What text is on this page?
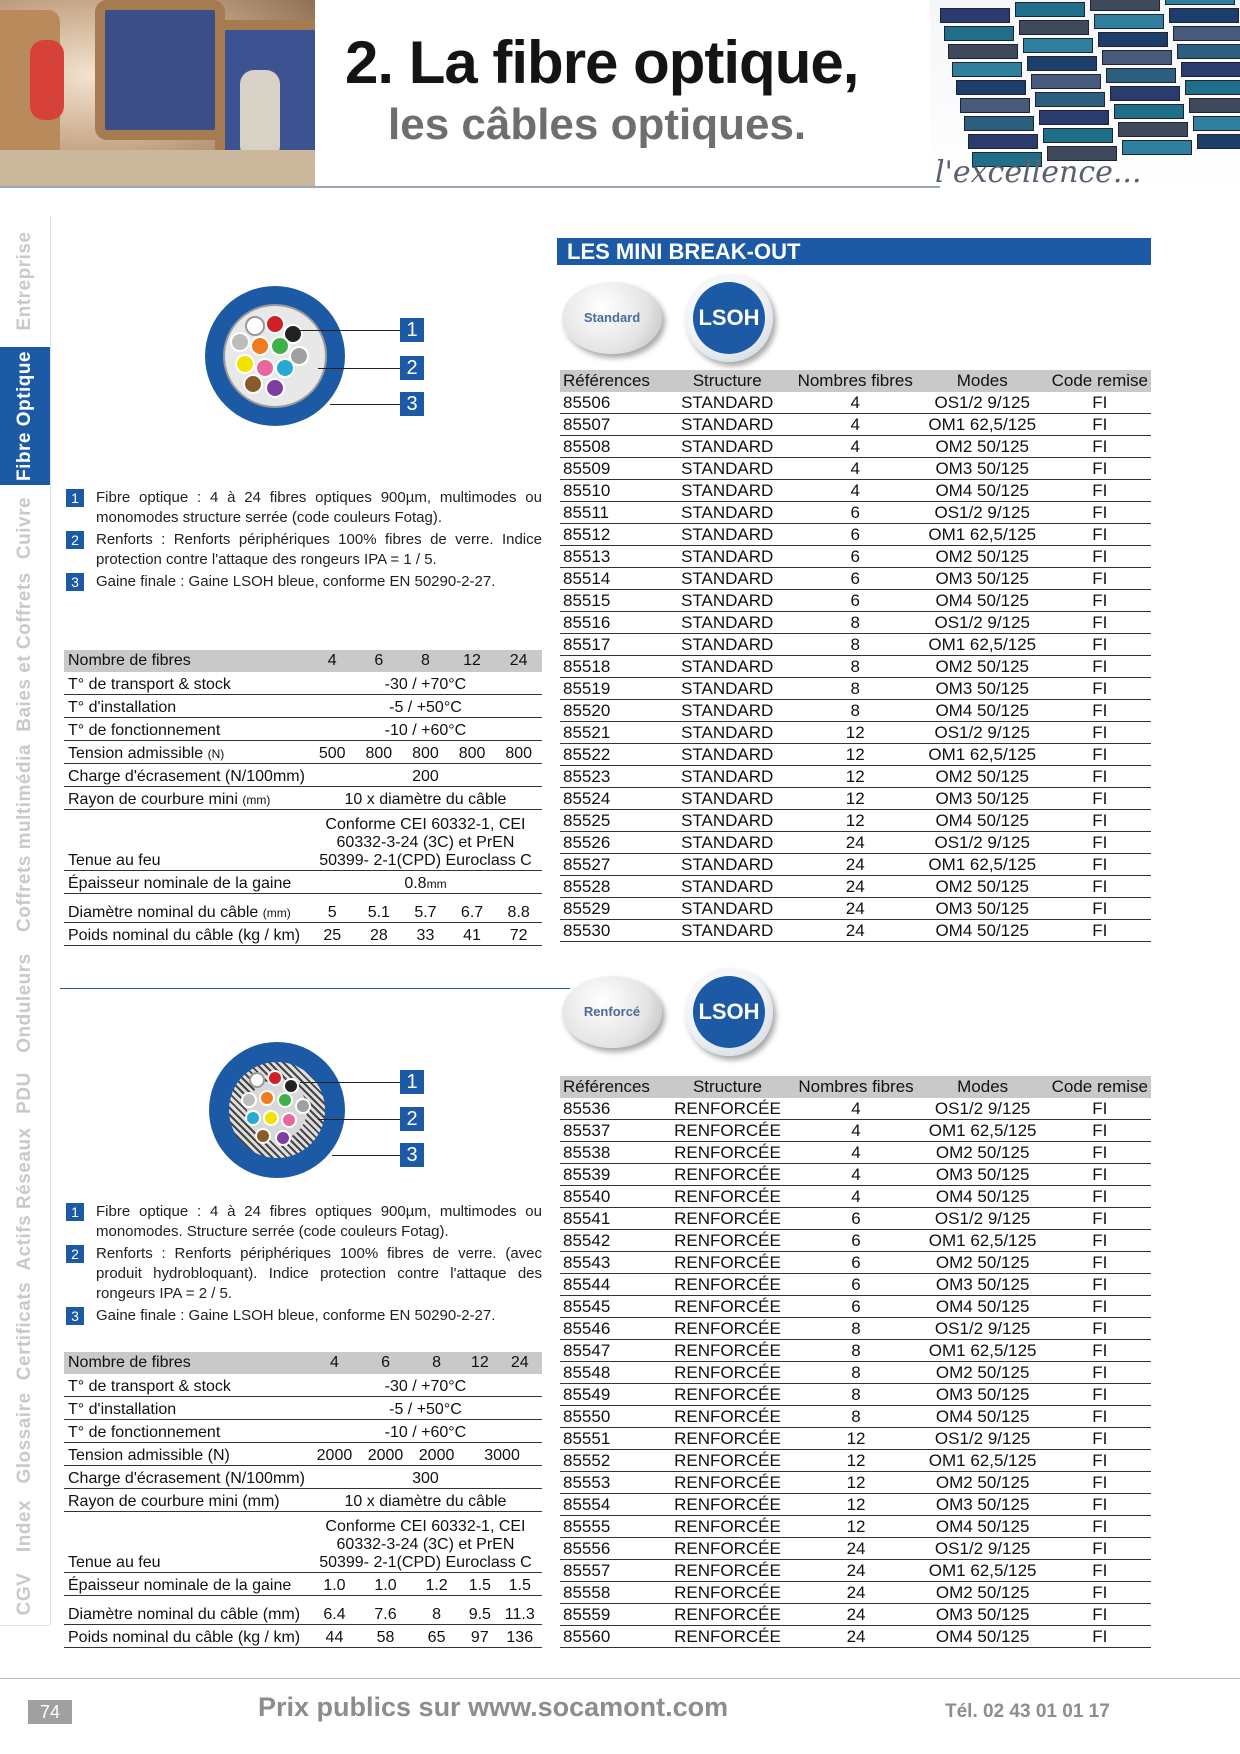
2. La fibre optique,
les câbles optiques.
l'excellence...
Entreprise
Fibre Optique
Cuivre
Baies et Coffrets
Coffrets multimédia
Onduleurs
PDU
Actifs Réseaux
Certificats
Glossaire
Index
CGV
1
2
3
1	Fibre optique : 4 à 24 fibres optiques 900µm, multimodes ou monomodes structure serrée (code couleurs Fotag).
2	Renforts : Renforts périphériques 100% fibres de verre. Indice protection contre l'attaque des rongeurs IPA = 1 / 5.
3	Gaine finale : Gaine LSOH bleue, conforme EN 50290-2-27.
Nombre de fibres	4	6	8	12	24
T° de transport & stock	-30 / +70°C				
T° d'installation	-5 / +50°C				
T° de fonctionnement	-10 / +60°C				
Tension admissible (N)	500	800	800	800	800
Charge d'écrasement (N/100mm)	200				
Rayon de courbure mini (mm)	10 x diamètre du câble				
Tenue au feu	Conforme CEI 60332-1, CEI 60332-3-24 (3C) et PrEN 50399- 2-1(CPD) Euroclass C				
Épaisseur nominale de la gaine	0.8mm				
Diamètre nominal du câble (mm)	5	5.1	5.7	6.7	8.8
Poids nominal du câble (kg / km)	25	28	33	41	72
1
2
3
1	Fibre optique : 4 à 24 fibres optiques 900µm, multimodes ou monomodes. Structure serrée (code couleurs Fotag).
2	Renforts : Renforts périphériques 100% fibres de verre. (avec produit hydrobloquant). Indice protection contre l'attaque des rongeurs IPA = 2 / 5.
3	Gaine finale : Gaine LSOH bleue, conforme EN 50290-2-27.
Nombre de fibres	4	6	8	12	24
T° de transport & stock	-30 / +70°C				
T° d'installation	-5 / +50°C				
T° de fonctionnement	-10 / +60°C				
Tension admissible (N)	2000	2000	2000	3000	
Charge d'écrasement (N/100mm)	300				
Rayon de courbure mini (mm)	10 x diamètre du câble				
Tenue au feu	Conforme CEI 60332-1, CEI 60332-3-24 (3C) et PrEN 50399- 2-1(CPD) Euroclass C				
Épaisseur nominale de la gaine	1.0	1.0	1.2	1.5	1.5
Diamètre nominal du câble (mm)	6.4	7.6	8	9.5	11.3
Poids nominal du câble (kg / km)	44	58	65	97	136
LES MINI BREAK-OUT
Standard	LSOH
Références	Structure	Nombres fibres	Modes	Code remise
85506	STANDARD	4	OS1/2 9/125	FI
85507	STANDARD	4	OM1 62,5/125	FI
85508	STANDARD	4	OM2 50/125	FI
85509	STANDARD	4	OM3 50/125	FI
85510	STANDARD	4	OM4 50/125	FI
85511	STANDARD	6	OS1/2 9/125	FI
85512	STANDARD	6	OM1 62,5/125	FI
85513	STANDARD	6	OM2 50/125	FI
85514	STANDARD	6	OM3 50/125	FI
85515	STANDARD	6	OM4 50/125	FI
85516	STANDARD	8	OS1/2 9/125	FI
85517	STANDARD	8	OM1 62,5/125	FI
85518	STANDARD	8	OM2 50/125	FI
85519	STANDARD	8	OM3 50/125	FI
85520	STANDARD	8	OM4 50/125	FI
85521	STANDARD	12	OS1/2 9/125	FI
85522	STANDARD	12	OM1 62,5/125	FI
85523	STANDARD	12	OM2 50/125	FI
85524	STANDARD	12	OM3 50/125	FI
85525	STANDARD	12	OM4 50/125	FI
85526	STANDARD	24	OS1/2 9/125	FI
85527	STANDARD	24	OM1 62,5/125	FI
85528	STANDARD	24	OM2 50/125	FI
85529	STANDARD	24	OM3 50/125	FI
85530	STANDARD	24	OM4 50/125	FI
Renforcé	LSOH
Références	Structure	Nombres fibres	Modes	Code remise
85536	RENFORCÉE	4	OS1/2 9/125	FI
85537	RENFORCÉE	4	OM1 62,5/125	FI
85538	RENFORCÉE	4	OM2 50/125	FI
85539	RENFORCÉE	4	OM3 50/125	FI
85540	RENFORCÉE	4	OM4 50/125	FI
85541	RENFORCÉE	6	OS1/2 9/125	FI
85542	RENFORCÉE	6	OM1 62,5/125	FI
85543	RENFORCÉE	6	OM2 50/125	FI
85544	RENFORCÉE	6	OM3 50/125	FI
85545	RENFORCÉE	6	OM4 50/125	FI
85546	RENFORCÉE	8	OS1/2 9/125	FI
85547	RENFORCÉE	8	OM1 62,5/125	FI
85548	RENFORCÉE	8	OM2 50/125	FI
85549	RENFORCÉE	8	OM3 50/125	FI
85550	RENFORCÉE	8	OM4 50/125	FI
85551	RENFORCÉE	12	OS1/2 9/125	FI
85552	RENFORCÉE	12	OM1 62,5/125	FI
85553	RENFORCÉE	12	OM2 50/125	FI
85554	RENFORCÉE	12	OM3 50/125	FI
85555	RENFORCÉE	12	OM4 50/125	FI
85556	RENFORCÉE	24	OS1/2 9/125	FI
85557	RENFORCÉE	24	OM1 62,5/125	FI
85558	RENFORCÉE	24	OM2 50/125	FI
85559	RENFORCÉE	24	OM3 50/125	FI
85560	RENFORCÉE	24	OM4 50/125	FI
74	Prix publics sur www.socamont.com	Tél. 02 43 01 01 17
